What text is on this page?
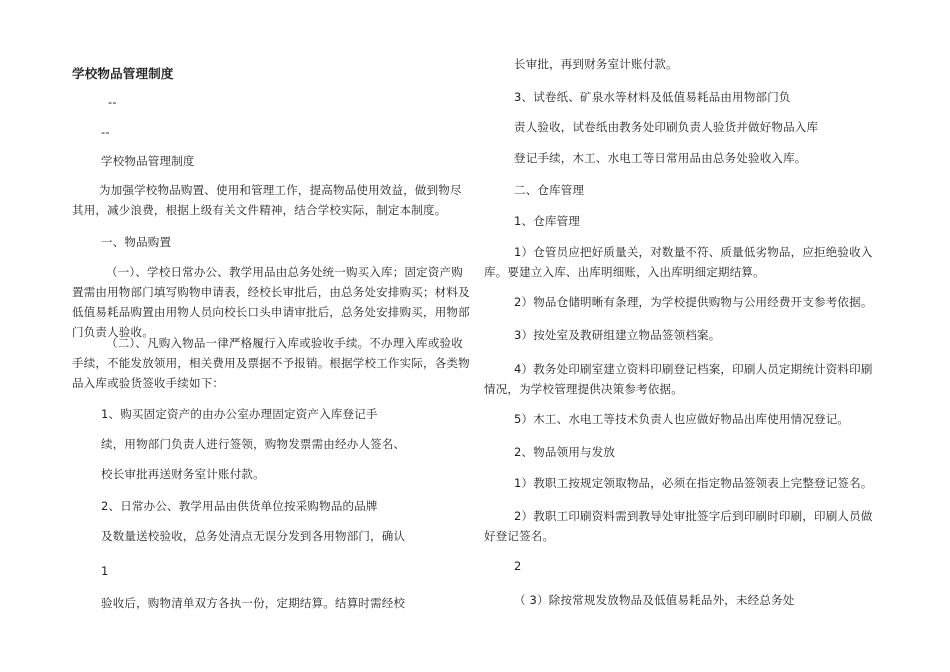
学校物品管理制度
--
--
学校物品管理制度
为加强学校物品购置、使用和管理工作，提高物品使用效益，做到物尽其用，减少浪费，根据上级有关文件精神，结合学校实际，制定本制度。
一、物品购置
（一）、学校日常办公、教学用品由总务处统一购买入库；固定资产购置需由用物部门填写购物申请表，经校长审批后，由总务处安排购买；材料及低值易耗品购置由用物人员向校长口头申请审批后，总务处安排购买，用物部门负责人验收。
（二）、凡购入物品一律严格履行入库或验收手续。不办理入库或验收手续，不能发放领用，相关费用及票据不予报销。根据学校工作实际，各类物品入库或验货签收手续如下：
1、购买固定资产的由办公室办理固定资产入库登记手
续，用物部门负责人进行签领，购物发票需由经办人签名、
校长审批再送财务室计账付款。
2、日常办公、教学用品由供货单位按采购物品的品牌
及数量送校验收，总务处清点无误分发到各用物部门，确认
1
验收后，购物清单双方各执一份，定期结算。结算时需经校
长审批，再到财务室计账付款。
3、试卷纸、矿泉水等材料及低值易耗品由用物部门负
责人验收，试卷纸由教务处印刷负责人验货并做好物品入库
登记手续，木工、水电工等日常用品由总务处验收入库。
二、仓库管理
1、仓库管理
1）仓管员应把好质量关，对数量不符、质量低劣物品，应拒绝验收入库。要建立入库、出库明细账，入出库明细定期结算。
2）物品仓储明晰有条理，为学校提供购物与公用经费开支参考依据。
3）按处室及教研组建立物品签领档案。
4）教务处印刷室建立资料印刷登记档案，印刷人员定期统计资料印刷情况，为学校管理提供决策参考依据。
5）木工、水电工等技术负责人也应做好物品出库使用情况登记。
2、物品领用与发放
1）教职工按规定领取物品，必须在指定物品签领表上完整登记签名。
2）教职工印刷资料需到教导处审批签字后到印刷时印刷，印刷人员做好登记签名。
2
（ 3）除按常规发放物品及低值易耗品外，未经总务处
